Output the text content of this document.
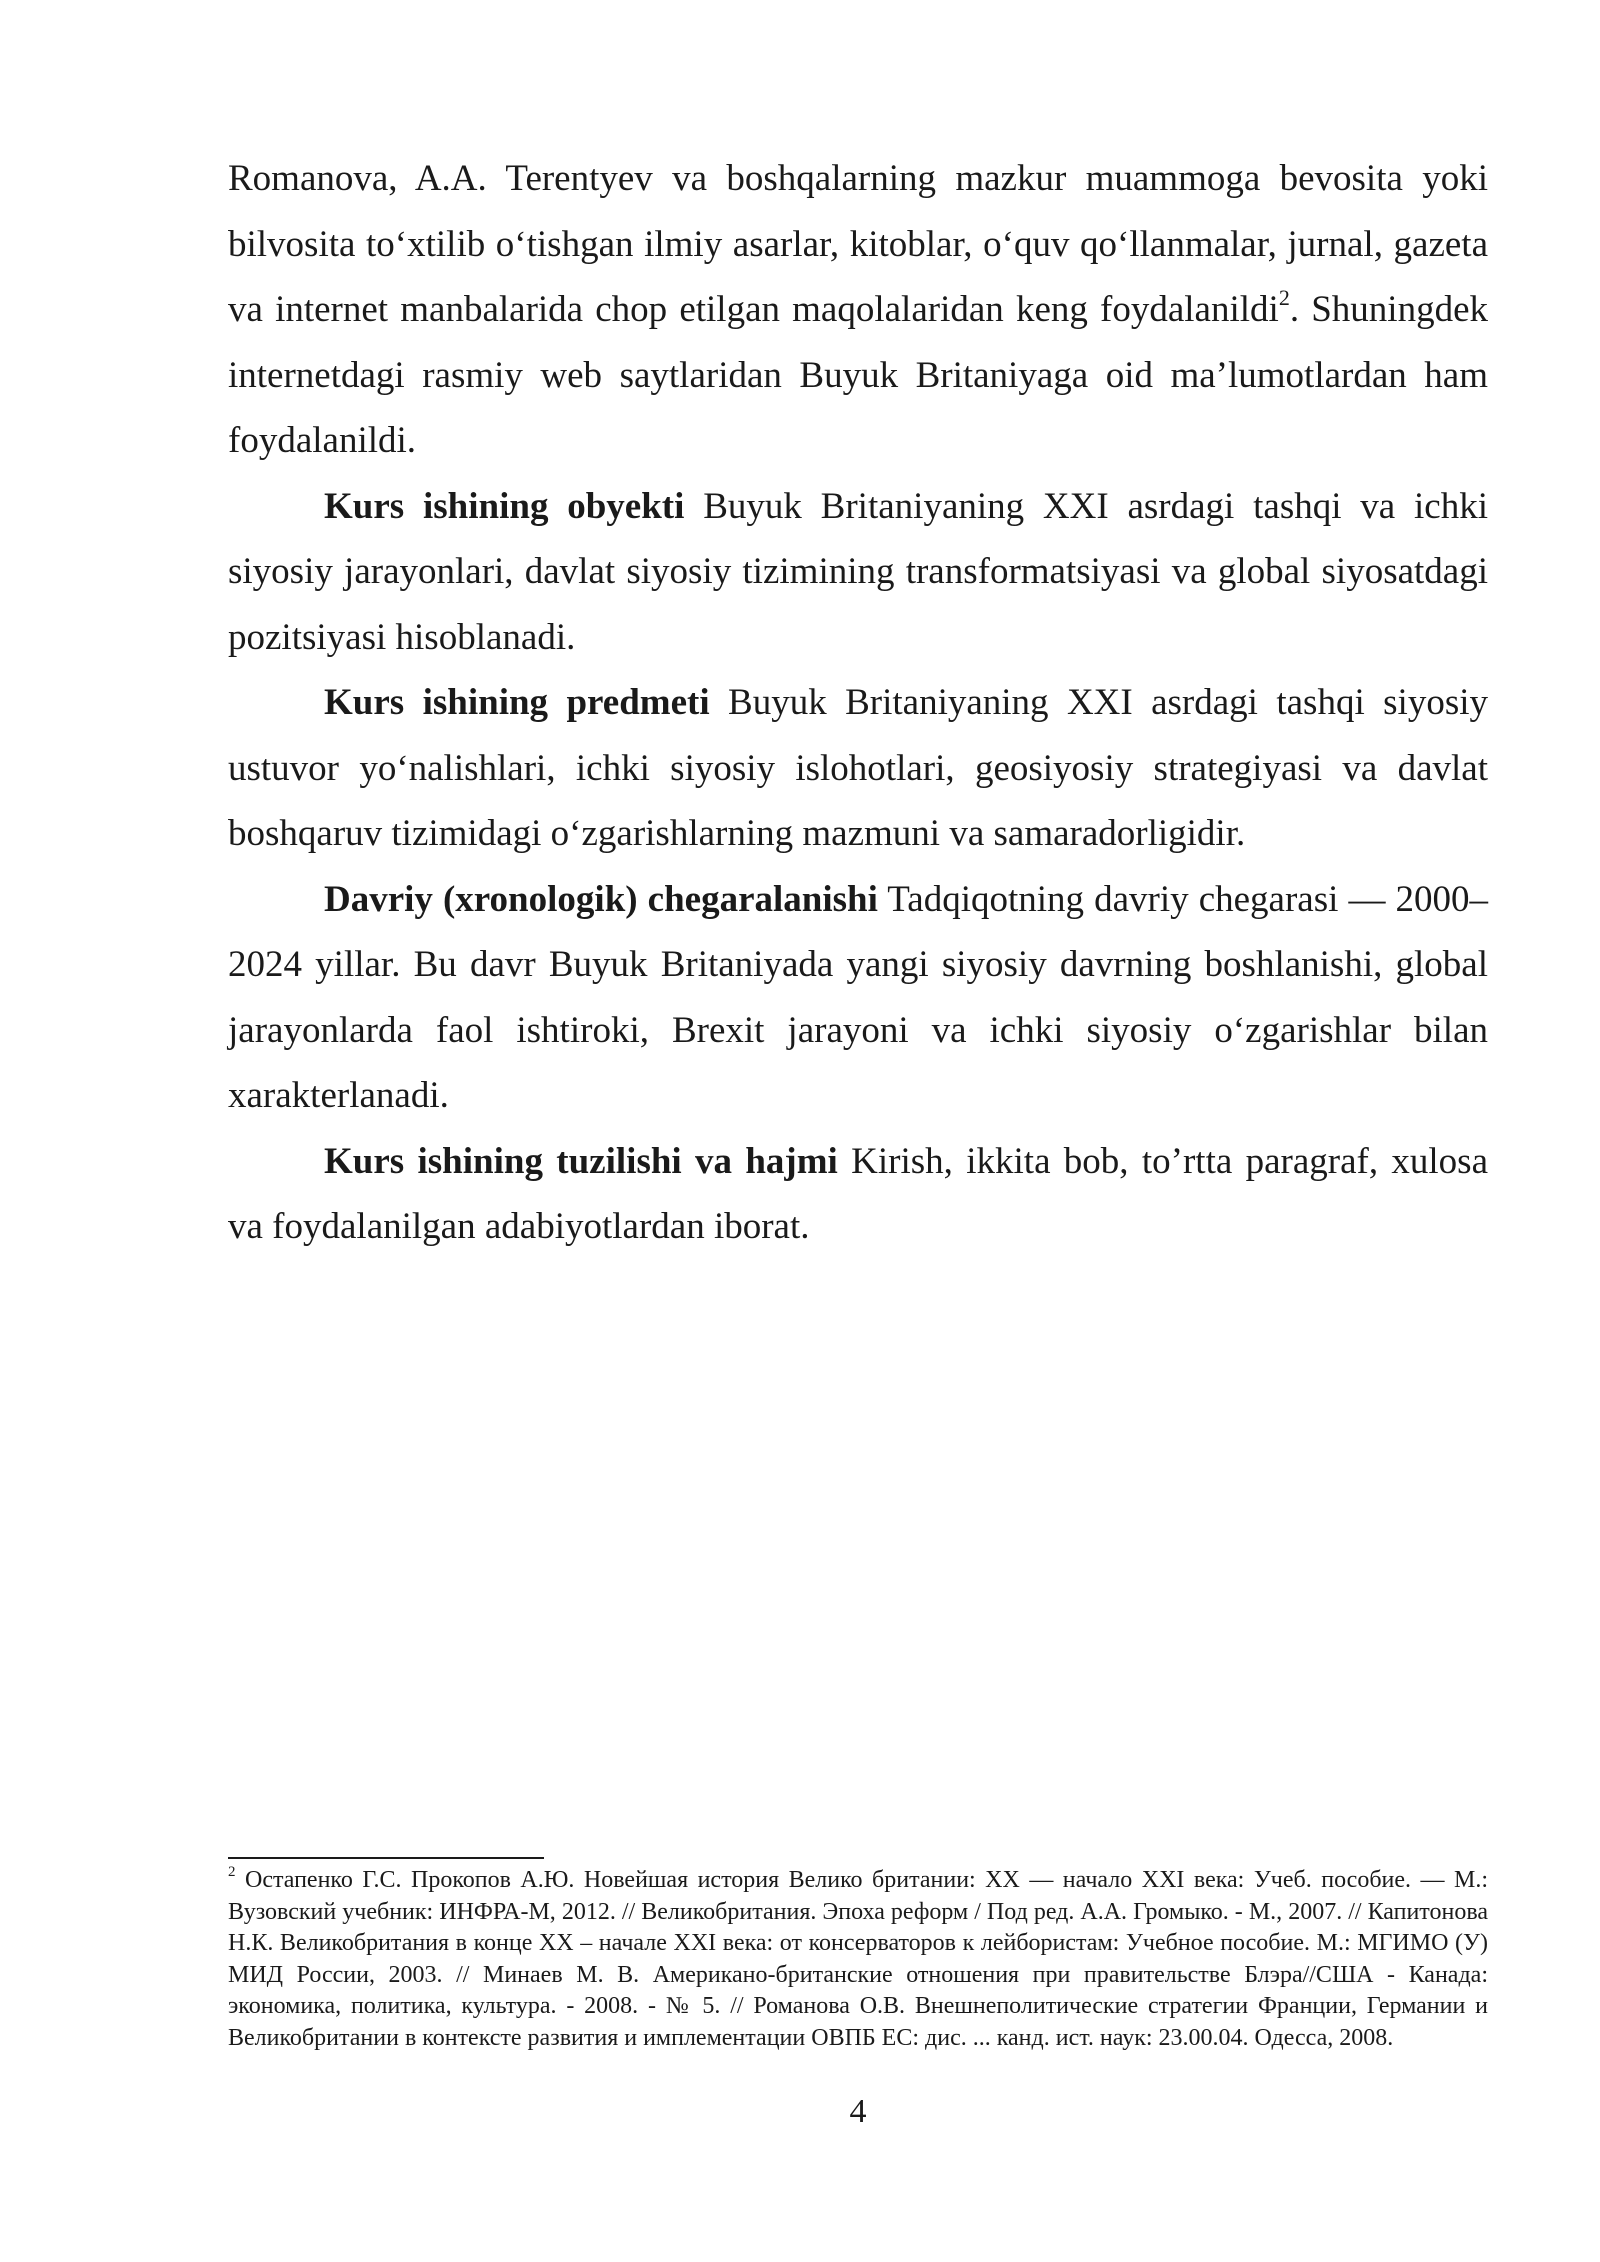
Romanova, A.A. Terentyev va boshqalarning mazkur muammoga bevosita yoki bilvosita to‘xtilib o‘tishgan ilmiy asarlar, kitoblar, o‘quv qo‘llanmalar, jurnal, gazeta va internet manbalarida chop etilgan maqolalaridan keng foydalanildi$^2$. Shuningdek internetdagi rasmiy web saytlaridan Buyuk Britaniyaga oid ma’lumotlardan ham foydalanildi.

Kurs ishining obyekti Buyuk Britaniyaning XXI asrdagi tashqi va ichki siyosiy jarayonlari, davlat siyosiy tizimining transformatsiyasi va global siyosatdagi pozitsiyasi hisoblanadi.

Kurs ishining predmeti Buyuk Britaniyaning XXI asrdagi tashqi siyosiy ustuvor yo‘nalishlari, ichki siyosiy islohotlari, geosiyosiy strategiyasi va davlat boshqaruv tizimidagi o‘zgarishlarning mazmuni va samaradorligidir.

Davriy (xronologik) chegaralanishi Tadqiqotning davriy chegarasi — 2000–2024 yillar. Bu davr Buyuk Britaniyada yangi siyosiy davrning boshlanishi, global jarayonlarda faol ishtiroki, Brexit jarayoni va ichki siyosiy o‘zgarishlar bilan xarakterlanadi.

Kurs ishining tuzilishi va hajmi Kirish, ikkita bob, to’rtta paragraf, xulosa va foydalanilgan adabiyotlardan iborat.

$^2$ Остапенко Г.С. Прокопов А.Ю. Новейшая история Велико британии: XX — начало XXI века: Учеб. пособие. — М.: Вузовский учебник: ИНФРА-М, 2012. // Великобритания. Эпоха реформ / Под ред. А.А. Громыко. - М., 2007. // Капитонова Н.К. Великобритания в конце ХХ – начале XXI века: от консерваторов к лейбористам: Учебное пособие. М.: МГИМО (У) МИД России, 2003. // Минаев М. В. Американо-британские отношения при правительстве Блэра//США - Канада: экономика, политика, культура. - 2008. - № 5. // Романова О.В. Внешнеполитические стратегии Франции, Германии и Великобритании в контексте развития и имплементации ОВПБ ЕС: дис. ... канд. ист. наук: 23.00.04. Одесса, 2008.

4
